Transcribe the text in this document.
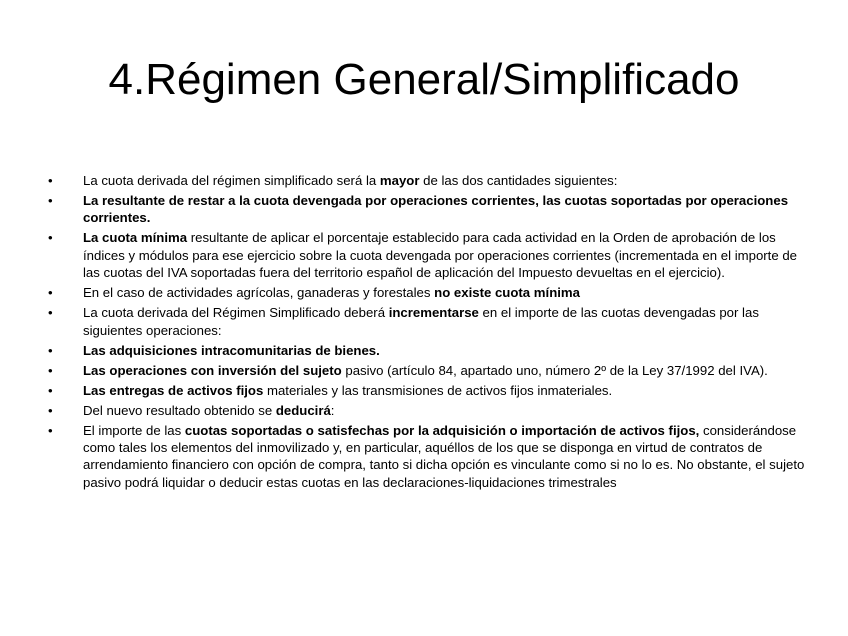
4.Régimen General/Simplificado
•
La cuota derivada del régimen simplificado será la mayor de las dos cantidades siguientes:
•
La resultante de restar a la cuota devengada por operaciones corrientes, las cuotas soportadas por operaciones corrientes.
•
La cuota mínima resultante de aplicar el porcentaje establecido para cada actividad en la Orden de aprobación de los índices y módulos para ese ejercicio sobre la cuota devengada por operaciones corrientes (incrementada en el importe de las cuotas del IVA soportadas fuera del territorio español de aplicación del Impuesto devueltas en el ejercicio).
•
En el caso de actividades agrícolas, ganaderas y forestales no existe cuota mínima
•
La cuota derivada del Régimen Simplificado deberá incrementarse en el importe de las cuotas devengadas por las siguientes operaciones:
•
Las adquisiciones intracomunitarias de bienes.
•
Las operaciones con inversión del sujeto pasivo (artículo 84, apartado uno, número 2º de la Ley 37/1992 del IVA).
•
Las entregas de activos fijos materiales y las transmisiones de activos fijos inmateriales.
•
Del nuevo resultado obtenido se deducirá:
•
El importe de las cuotas soportadas o satisfechas por la adquisición o importación de activos fijos, considerándose como tales los elementos del inmovilizado y, en particular, aquéllos de los que se disponga en virtud de contratos de arrendamiento financiero con opción de compra, tanto si dicha opción es vinculante como si no lo es. No obstante, el sujeto pasivo podrá liquidar o deducir estas cuotas en las declaraciones-liquidaciones trimestrales
